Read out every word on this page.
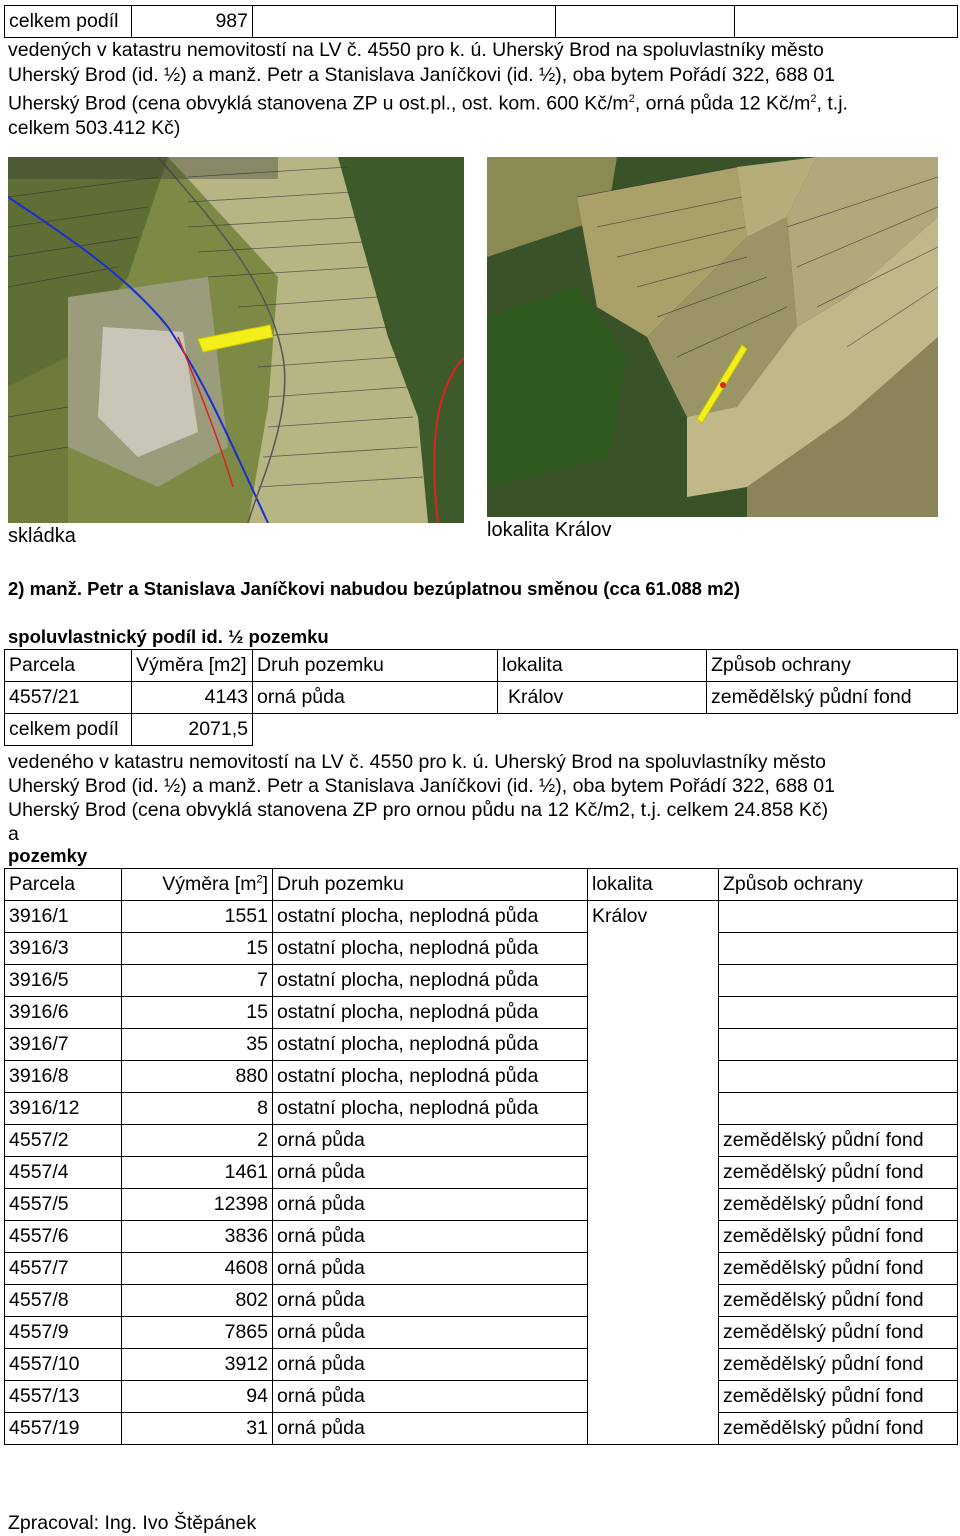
celkem podíl	987			
vedených v katastru nemovitostí na LV č. 4550 pro k. ú. Uherský Brod na spoluvlastníky město
Uherský Brod (id. ½) a manž. Petr a Stanislava Janíčkovi (id. ½), oba bytem Pořádí 322, 688 01
Uherský Brod (cena obvyklá stanovena ZP u ost.pl., ost. kom. 600 $Kč/m^2$, orná půda 12 $Kč/m^2$, t.j.
celkem 503.412 Kč)
skládka	lokalita Králov
2) manž. Petr a Stanislava Janíčkovi nabudou bezúplatnou směnou (cca 61.088 m2)
spoluvlastnický podíl id. ½ pozemku
Parcela	Výměra [m2]	Druh pozemku	lokalita	Způsob ochrany
4557/21	4143	orná půda	Králov	zemědělský půdní fond
celkem podíl	2071,5			
vedeného v katastru nemovitostí na LV č. 4550 pro k. ú. Uherský Brod na spoluvlastníky město
Uherský Brod (id. ½) a manž. Petr a Stanislava Janíčkovi (id. ½), oba bytem Pořádí 322, 688 01
Uherský Brod (cena obvyklá stanovena ZP pro ornou půdu na 12 Kč/m2, t.j. celkem 24.858 Kč)
a
pozemky
Parcela	Výměra $[m^2]$	Druh pozemku	lokalita	Způsob ochrany
3916/1	1551	ostatní plocha, neplodná půda	Králov	
3916/3	15	ostatní plocha, neplodná půda		
3916/5	7	ostatní plocha, neplodná půda		
3916/6	15	ostatní plocha, neplodná půda		
3916/7	35	ostatní plocha, neplodná půda		
3916/8	880	ostatní plocha, neplodná půda		
3916/12	8	ostatní plocha, neplodná půda		
4557/2	2	orná půda		zemědělský půdní fond
4557/4	1461	orná půda		zemědělský půdní fond
4557/5	12398	orná půda		zemědělský půdní fond
4557/6	3836	orná půda		zemědělský půdní fond
4557/7	4608	orná půda		zemědělský půdní fond
4557/8	802	orná půda		zemědělský půdní fond
4557/9	7865	orná půda		zemědělský půdní fond
4557/10	3912	orná půda		zemědělský půdní fond
4557/13	94	orná půda		zemědělský půdní fond
4557/19	31	orná půda		zemědělský půdní fond
Zpracoval: Ing. Ivo Štěpánek
